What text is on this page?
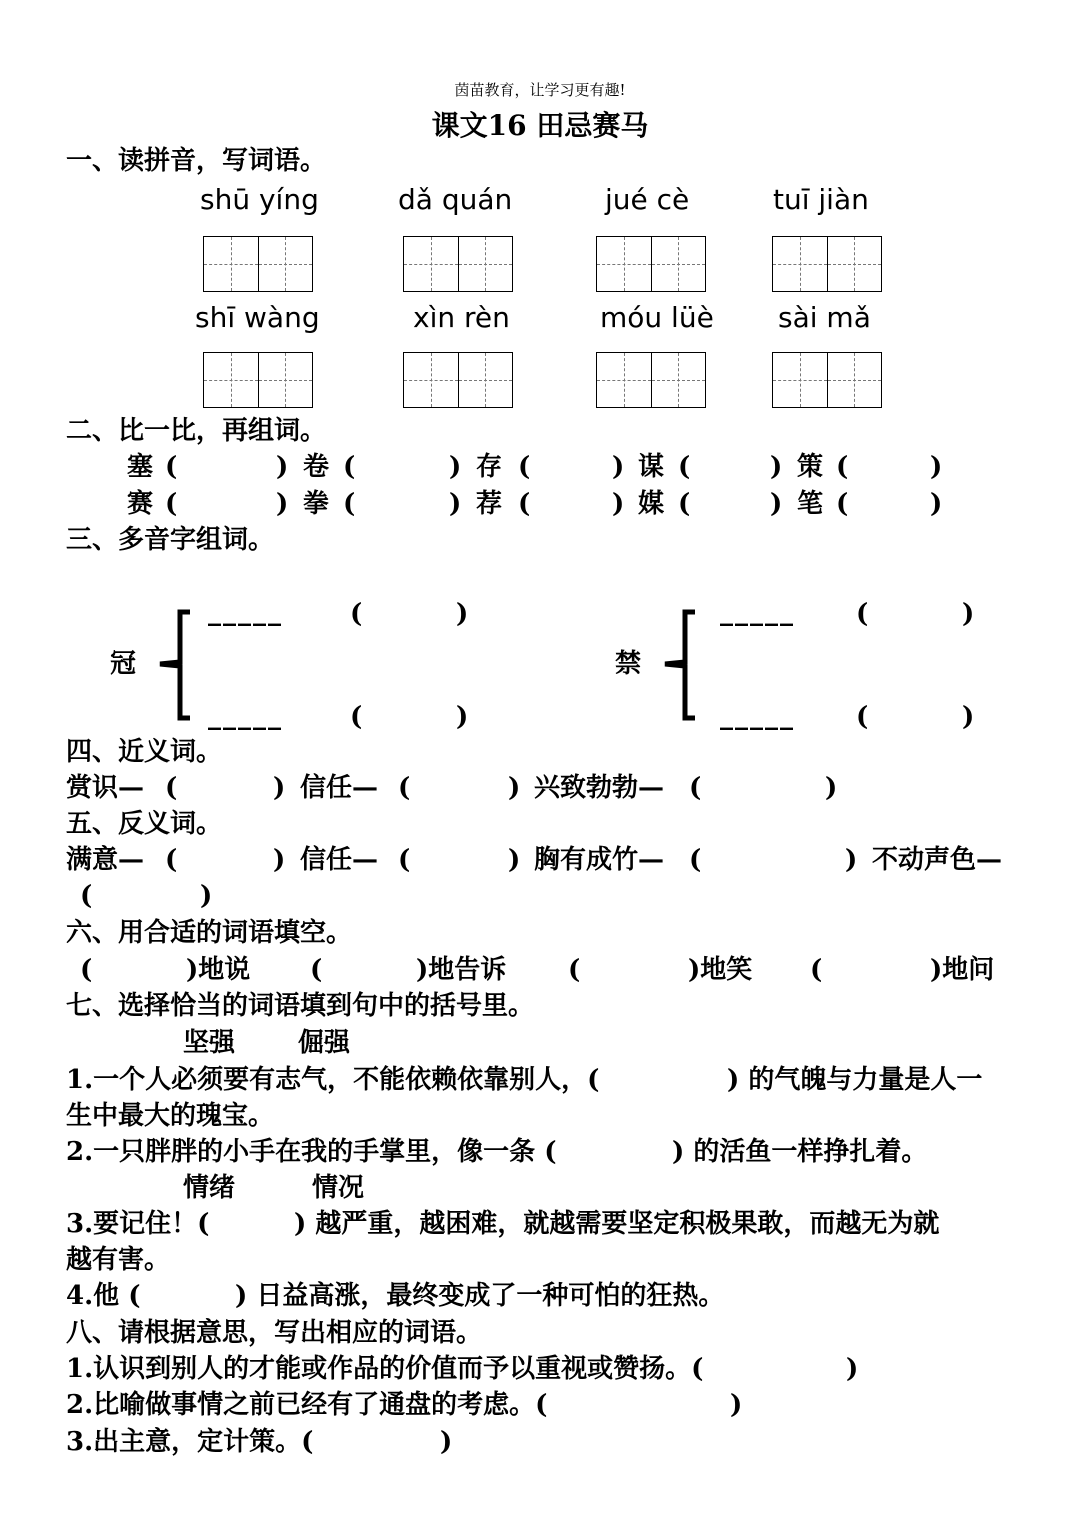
茵苗教育，让学习更有趣!
课文16 田忌赛马
一、读拼音，写词语。
shū yíng	dǎ quán	jué cè	tuī jiàn
shī wàng	xìn rèn	móu lüè sài mǎ
二、比一比，再组词。
塞 (	) 卷 (	) 存 (	) 谋 (	) 策 (	)
赛 (	) 拳 (	) 荐 (	) 媒 (	) 笔 (	)
三、多音字组词。
冠
_____	(	)
_____	(	)
禁
_____ (	)
_____ (	)
四、近义词。
赏识— (	) 信任— (	) 兴致勃勃— (	)
五、反义词。
满意— (	) 信任— (	) 胸有成竹— (	) 不动声色—
(	)
六、用合适的词语填空。
(	)地说 (	)地告诉 (	)地笑 (	)地问
七、选择恰当的词语填到句中的括号里。
坚强 倔强
1.一个人必须要有志气，不能依赖依靠别人，(	) 的气魄与力量是人一
生中最大的瑰宝。
2.一只胖胖的小手在我的手掌里，像一条 (	) 的活鱼一样挣扎着。
情绪	情况
3.要记住！(	) 越严重，越困难，就越需要坚定积极果敢，而越无为就
越有害。
4.他 (	) 日益高涨，最终变成了一种可怕的狂热。
八、请根据意思，写出相应的词语。
1.认识到别人的才能或作品的价值而予以重视或赞扬。(	)
2.比喻做事情之前已经有了通盘的考虑。(	)
3.出主意，定计策。(	)
